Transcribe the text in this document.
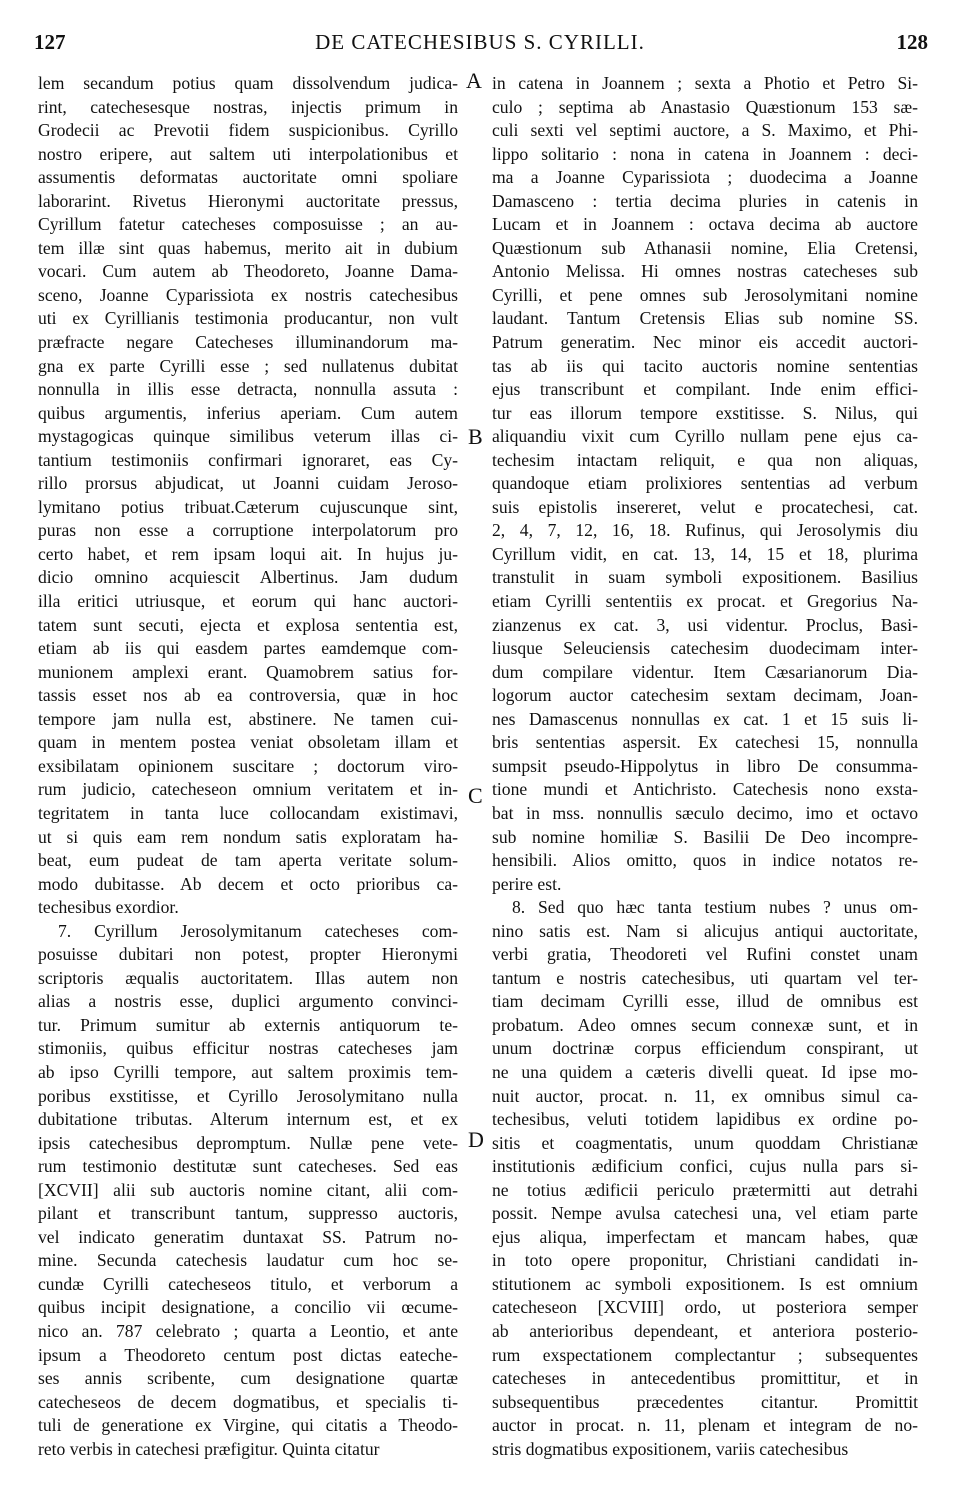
127	DE CATECHESIBUS S. CYRILLI.	128
lem secandum potius quam dissolvendum judica-
rint, catechesesque nostras, injectis primum in
Grodecii ac Prevotii fidem suspicionibus. Cyrillo
nostro eripere, aut saltem uti interpolationibus et
assumentis deformatas auctoritate omni spoliare
laborarint. Rivetus Hieronymi auctoritate pressus,
Cyrillum fatetur catecheses composuisse ; an au-
tem illæ sint quas habemus, merito ait in dubium
vocari. Cum autem ab Theodoreto, Joanne Dama-
sceno, Joanne Cyparissiota ex nostris catechesibus
uti ex Cyrillianis testimonia producantur, non vult
præfracte negare Catecheses illuminandorum ma-
gna ex parte Cyrilli esse ; sed nullatenus dubitat
nonnulla in illis esse detracta, nonnulla assuta :
quibus argumentis, inferius aperiam. Cum autem
mystagogicas quinque similibus veterum illas ci-
tantium testimoniis confirmari ignoraret, eas Cy-
rillo prorsus abjudicat, ut Joanni cuidam Jeroso-
lymitano potius tribuat.Cæterum cujuscunque sint,
puras non esse a corruptione interpolatorum pro
certo habet, et rem ipsam loqui ait. In hujus ju-
dicio omnino acquiescit Albertinus. Jam dudum
illa eritici utriusque, et eorum qui hanc auctori-
tatem sunt secuti, ejecta et explosa sententia est,
etiam ab iis qui easdem partes eamdemque com-
munionem amplexi erant. Quamobrem satius for-
tassis esset nos ab ea controversia, quæ in hoc
tempore jam nulla est, abstinere. Ne tamen cui-
quam in mentem postea veniat obsoletam illam et
exsibilatam opinionem suscitare ; doctorum viro-
rum judicio, catecheseon omnium veritatem et in-
tegritatem in tanta luce collocandam existimavi,
ut si quis eam rem nondum satis exploratam ha-
beat, eum pudeat de tam aperta veritate solum-
modo dubitasse. Ab decem et octo prioribus ca-
techesibus exordior.
7. Cyrillum Jerosolymitanum catecheses com-
posuisse dubitari non potest, propter Hieronymi
scriptoris æqualis auctoritatem. Illas autem non
alias a nostris esse, duplici argumento convinci-
tur. Primum sumitur ab externis antiquorum te-
stimoniis, quibus efficitur nostras catecheses jam
ab ipso Cyrilli tempore, aut saltem proximis tem-
poribus exstitisse, et Cyrillo Jerosolymitano nulla
dubitatione tributas. Alterum internum est, et ex
ipsis catechesibus depromptum. Nullæ pene vete-
rum testimonio destitutæ sunt catecheses. Sed eas
[XCVII] alii sub auctoris nomine citant, alii com-
pilant et transcribunt tantum, suppresso auctoris,
vel indicato generatim duntaxat SS. Patrum no-
mine. Secunda catechesis laudatur cum hoc se-
cundæ Cyrilli catecheseos titulo, et verborum a
quibus incipit designatione, a concilio vii œcume-
nico an. 787 celebrato ; quarta a Leontio, et ante
ipsum a Theodoreto centum post dictas eateche-
ses annis scribente, cum designatione quartæ
catecheseos de decem dogmatibus, et specialis ti-
tuli de generatione ex Virgine, qui citatis a Theodo-
reto verbis in catechesi præfigitur. Quinta citatur
in catena in Joannem ; sexta a Photio et Petro Si-
culo ; septima ab Anastasio Quæstionum 153 sæ-
culi sexti vel septimi auctore, a S. Maximo, et Phi-
lippo solitario : nona in catena in Joannem : deci-
ma a Joanne Cyparissiota ; duodecima a Joanne
Damasceno : tertia decima pluries in catenis in
Lucam et in Joannem : octava decima ab auctore
Quæstionum sub Athanasii nomine, Elia Cretensi,
Antonio Melissa. Hi omnes nostras catecheses sub
Cyrilli, et pene omnes sub Jerosolymitani nomine
laudant. Tantum Cretensis Elias sub nomine SS.
Patrum generatim. Nec minor eis accedit auctori-
tas ab iis qui tacito auctoris nomine sententias
ejus transcribunt et compilant. Inde enim effici-
tur eas illorum tempore exstitisse. S. Nilus, qui
aliquandiu vixit cum Cyrillo nullam pene ejus ca-
techesim intactam reliquit, e qua non aliquas,
quandoque etiam prolixiores sententias ad verbum
suis epistolis insereret, velut e procatechesi, cat.
2, 4, 7, 12, 16, 18. Rufinus, qui Jerosolymis diu
Cyrillum vidit, en cat. 13, 14, 15 et 18, plurima
transtulit in suam symboli expositionem. Basilius
etiam Cyrilli sententiis ex procat. et Gregorius Na-
zianzenus ex cat. 3, usi videntur. Proclus, Basi-
liusque Seleuciensis catechesim duodecimam inter-
dum compilare videntur. Item Cæsarianorum Dia-
logorum auctor catechesim sextam decimam, Joan-
nes Damascenus nonnullas ex cat. 1 et 15 suis li-
bris sententias aspersit. Ex catechesi 15, nonnulla
sumpsit pseudo-Hippolytus in libro De consumma-
tione mundi et Antichristo. Catechesis nono exsta-
bat in mss. nonnullis sæculo decimo, imo et octavo
sub nomine homiliæ S. Basilii De Deo incompre-
hensibili. Alios omitto, quos in indice notatos re-
perire est.
8. Sed quo hæc tanta testium nubes ? unus om-
nino satis est. Nam si alicujus antiqui auctoritate,
verbi gratia, Theodoreti vel Rufini constet unam
tantum e nostris catechesibus, uti quartam vel ter-
tiam decimam Cyrilli esse, illud de omnibus est
probatum. Adeo omnes secum connexæ sunt, et in
unum doctrinæ corpus efficiendum conspirant, ut
ne una quidem a cæteris divelli queat. Id ipse mo-
nuit auctor, procat. n. 11, ex omnibus simul ca-
techesibus, veluti totidem lapidibus ex ordine po-
sitis et coagmentatis, unum quoddam Christianæ
institutionis ædificium confici, cujus nulla pars si-
ne totius ædificii periculo prætermitti aut detrahi
possit. Nempe avulsa catechesi una, vel etiam parte
ejus aliqua, imperfectam et mancam habes, quæ
in toto opere proponitur, Christiani candidati in-
stitutionem ac symboli expositionem. Is est omnium
catecheseon [XCVIII] ordo, ut posteriora semper
ab anterioribus dependeant, et anteriora posterio-
rum exspectationem complectantur ; subsequentes
catecheses in antecedentibus promittitur, et in
subsequentibus præcedentes citantur. Promittit
auctor in procat. n. 11, plenam et integram de no-
stris dogmatibus expositionem, variis catechesibus
A
B
C
D
